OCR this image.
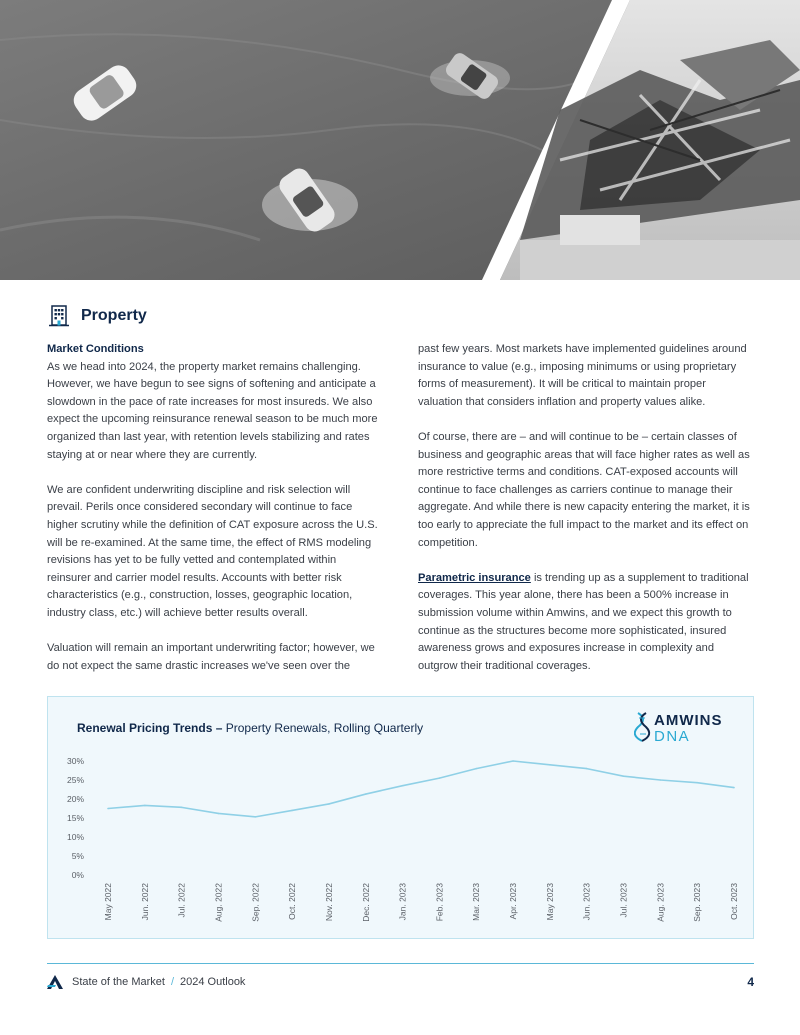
Property
Market Conditions

As we head into 2024, the property market remains challenging. However, we have begun to see signs of softening and anticipate a slowdown in the pace of rate increases for most insureds. We also expect the upcoming reinsurance renewal season to be much more organized than last year, with retention levels stabilizing and rates staying at or near where they are currently.

We are confident underwriting discipline and risk selection will prevail. Perils once considered secondary will continue to face higher scrutiny while the definition of CAT exposure across the U.S. will be re-examined. At the same time, the effect of RMS modeling revisions has yet to be fully vetted and contemplated within reinsurer and carrier model results. Accounts with better risk characteristics (e.g., construction, losses, geographic location, industry class, etc.) will achieve better results overall.

Valuation will remain an important underwriting factor; however, we do not expect the same drastic increases we've seen over the

past few years. Most markets have implemented guidelines around insurance to value (e.g., imposing minimums or using proprietary forms of measurement). It will be critical to maintain proper valuation that considers inflation and property values alike.

Of course, there are – and will continue to be – certain classes of business and geographic areas that will face higher rates as well as more restrictive terms and conditions. CAT-exposed accounts will continue to face challenges as carriers continue to manage their aggregate. And while there is new capacity entering the market, it is too early to appreciate the full impact to the market and its effect on competition.

Parametric insurance is trending up as a supplement to traditional coverages. This year alone, there has been a 500% increase in submission volume within Amwins, and we expect this growth to continue as the structures become more sophisticated, insured awareness grows and exposures increase in complexity and outgrow their traditional coverages.

Renewal Pricing Trends – Property Renewals, Rolling Quarterly	AMWINS
DNA
0%
5%
10%
15%
20%
25%
30%
May 2022	Jun. 2022	Jul. 2022	Aug. 2022	Sep. 2022	Oct. 2022	Nov. 2022	Dec. 2022	Jan. 2023	Feb. 2023	Mar. 2023	Apr. 2023	May 2023	Jun. 2023	Jul. 2023	Aug. 2023	Sep. 2023	Oct. 2023
State of the Market / 2024 Outlook	4
